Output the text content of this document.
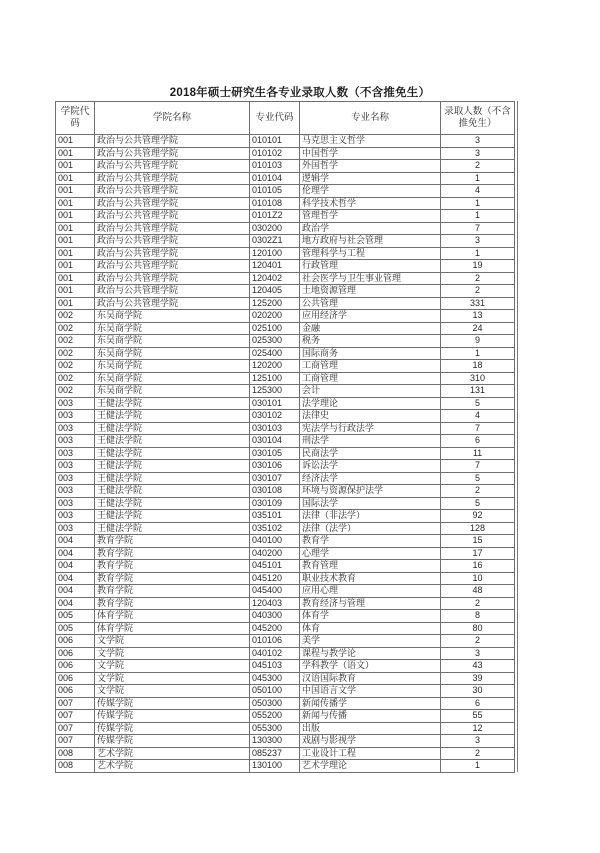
2018年硕士研究生各专业录取人数（不含推免生）
学院代码	学院名称	专业代码	专业名称	录取人数（不含推免生）
001	政治与公共管理学院	010101	马克思主义哲学	3
001	政治与公共管理学院	010102	中国哲学	3
001	政治与公共管理学院	010103	外国哲学	2
001	政治与公共管理学院	010104	逻辑学	1
001	政治与公共管理学院	010105	伦理学	4
001	政治与公共管理学院	010108	科学技术哲学	1
001	政治与公共管理学院	0101Z2	管理哲学	1
001	政治与公共管理学院	030200	政治学	7
001	政治与公共管理学院	0302Z1	地方政府与社会管理	3
001	政治与公共管理学院	120100	管理科学与工程	1
001	政治与公共管理学院	120401	行政管理	19
001	政治与公共管理学院	120402	社会医学与卫生事业管理	2
001	政治与公共管理学院	120405	土地资源管理	2
001	政治与公共管理学院	125200	公共管理	331
002	东吴商学院	020200	应用经济学	13
002	东吴商学院	025100	金融	24
002	东吴商学院	025300	税务	9
002	东吴商学院	025400	国际商务	1
002	东吴商学院	120200	工商管理	18
002	东吴商学院	125100	工商管理	310
002	东吴商学院	125300	会计	131
003	王健法学院	030101	法学理论	5
003	王健法学院	030102	法律史	4
003	王健法学院	030103	宪法学与行政法学	7
003	王健法学院	030104	刑法学	6
003	王健法学院	030105	民商法学	11
003	王健法学院	030106	诉讼法学	7
003	王健法学院	030107	经济法学	5
003	王健法学院	030108	环境与资源保护法学	2
003	王健法学院	030109	国际法学	5
003	王健法学院	035101	法律（非法学）	92
003	王健法学院	035102	法律（法学）	128
004	教育学院	040100	教育学	15
004	教育学院	040200	心理学	17
004	教育学院	045101	教育管理	16
004	教育学院	045120	职业技术教育	10
004	教育学院	045400	应用心理	48
004	教育学院	120403	教育经济与管理	2
005	体育学院	040300	体育学	8
005	体育学院	045200	体育	80
006	文学院	010106	美学	2
006	文学院	040102	课程与教学论	3
006	文学院	045103	学科教学（语文）	43
006	文学院	045300	汉语国际教育	39
006	文学院	050100	中国语言文学	30
007	传媒学院	050300	新闻传播学	6
007	传媒学院	055200	新闻与传播	55
007	传媒学院	055300	出版	12
007	传媒学院	130300	戏剧与影视学	3
008	艺术学院	085237	工业设计工程	2
008	艺术学院	130100	艺术学理论	1
